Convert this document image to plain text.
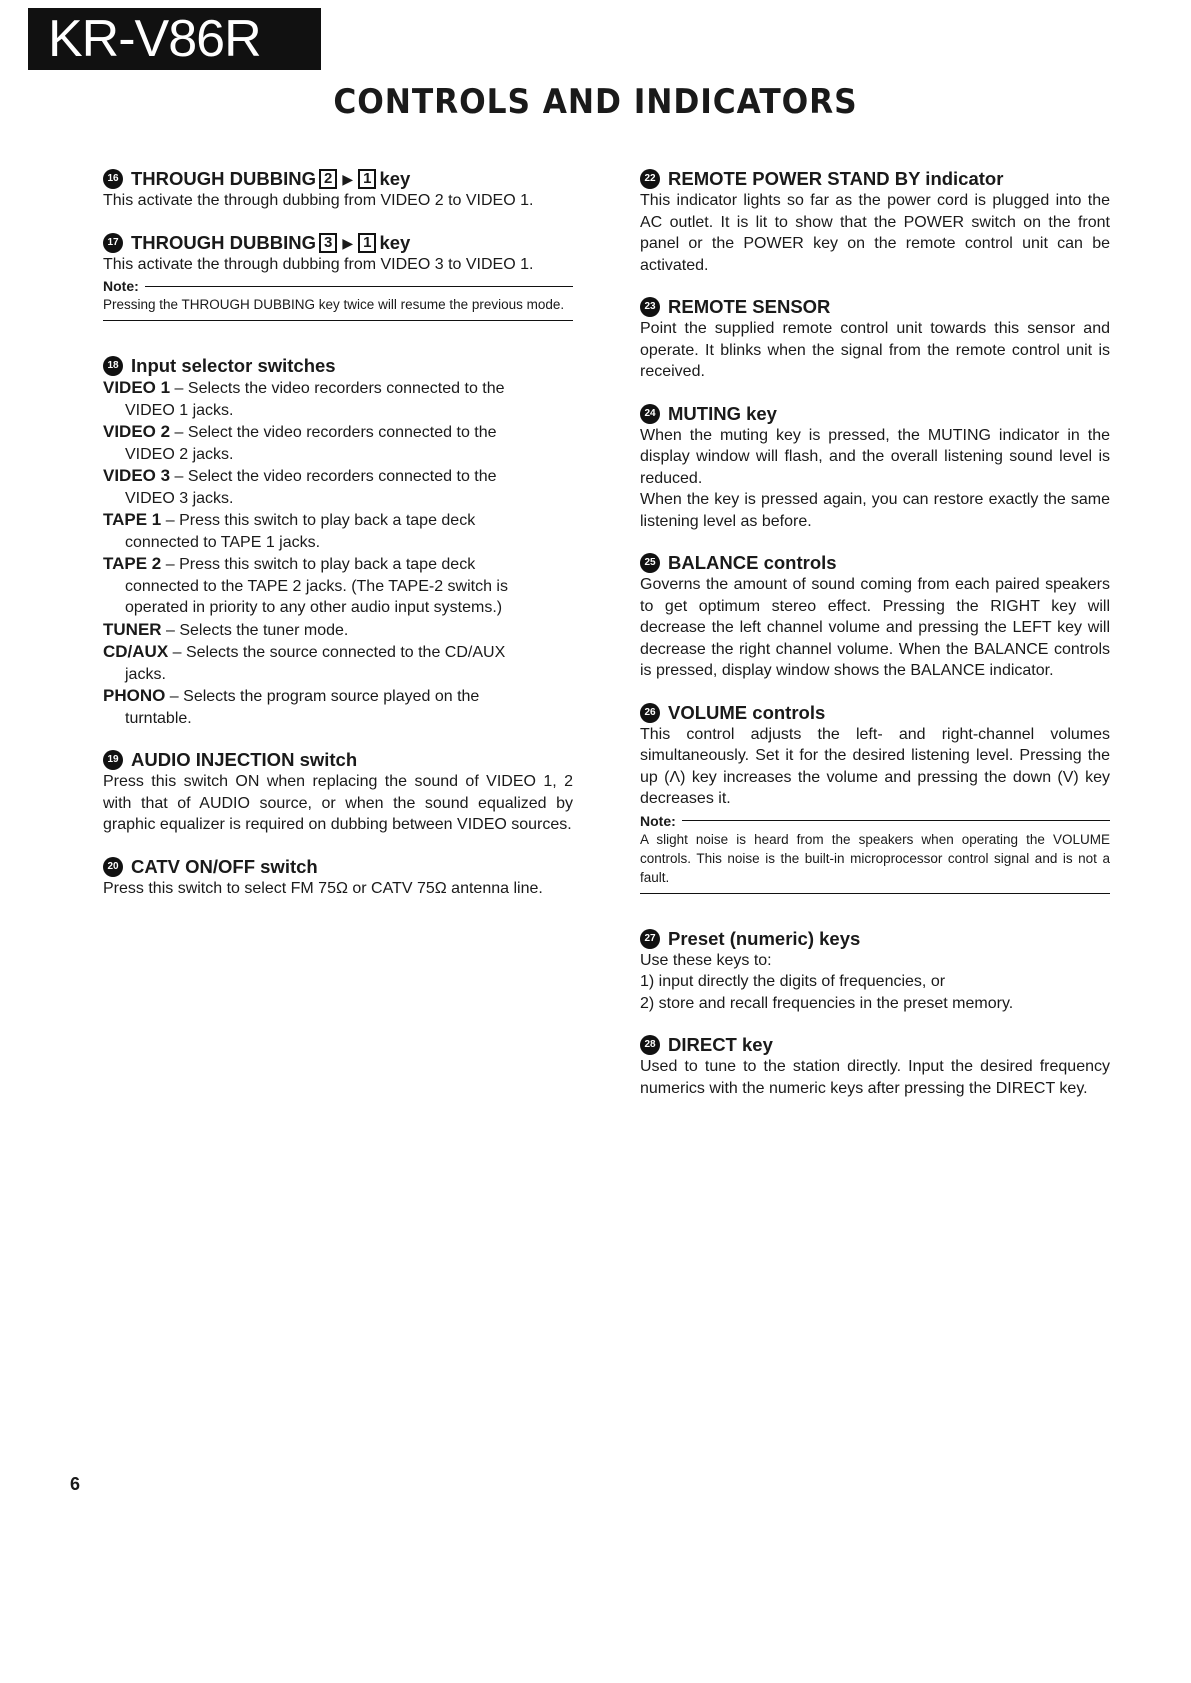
KR-V86R
CONTROLS AND INDICATORS
16 THROUGH DUBBING 2 ▶ 1 key

This activate the through dubbing from VIDEO 2 to VIDEO 1.

17 THROUGH DUBBING 3 ▶ 1 key

This activate the through dubbing from VIDEO 3 to VIDEO 1.

Note:

Pressing the THROUGH DUBBING key twice will resume the previous mode.

18 Input selector switches
VIDEO 1 – Selects the video recorders connected to the
VIDEO 1 jacks.
VIDEO 2 – Select the video recorders connected to the
VIDEO 2 jacks.
VIDEO 3 – Select the video recorders connected to the
VIDEO 3 jacks.
TAPE 1 – Press this switch to play back a tape deck
connected to TAPE 1 jacks.
TAPE 2 – Press this switch to play back a tape deck
connected to the TAPE 2 jacks. (The TAPE-2 switch is operated in priority to any other audio input systems.)
TUNER – Selects the tuner mode.
CD/AUX – Selects the source connected to the CD/AUX
jacks.
PHONO – Selects the program source played on the
turntable.
19 AUDIO INJECTION switch

Press this switch ON when replacing the sound of VIDEO 1, 2 with that of AUDIO source, or when the sound equalized by graphic equalizer is required on dubbing between VIDEO sources.

20 CATV ON/OFF switch

Press this switch to select FM 75Ω or CATV 75Ω antenna line.

22 REMOTE POWER STAND BY indicator

This indicator lights so far as the power cord is plugged into the AC outlet. It is lit to show that the POWER switch on the front panel or the POWER key on the remote control unit can be activated.

23 REMOTE SENSOR

Point the supplied remote control unit towards this sensor and operate. It blinks when the signal from the remote control unit is received.

24 MUTING key

When the muting key is pressed, the MUTING indicator in the display window will flash, and the overall listening sound level is reduced.

When the key is pressed again, you can restore exactly the same listening level as before.

25 BALANCE controls

Governs the amount of sound coming from each paired speakers to get optimum stereo effect. Pressing the RIGHT key will decrease the left channel volume and pressing the LEFT key will decrease the right channel volume. When the BALANCE controls is pressed, display window shows the BALANCE indicator.

26 VOLUME controls

This control adjusts the left- and right-channel volumes simultaneously. Set it for the desired listening level. Pressing the up (Λ) key increases the volume and pressing the down (V) key decreases it.

Note:

A slight noise is heard from the speakers when operating the VOLUME controls. This noise is the built-in microprocessor control signal and is not a fault.

27 Preset (numeric) keys

Use these keys to:

1) input directly the digits of frequencies, or

2) store and recall frequencies in the preset memory.

28 DIRECT key

Used to tune to the station directly. Input the desired frequency numerics with the numeric keys after pressing the DIRECT key.

6
